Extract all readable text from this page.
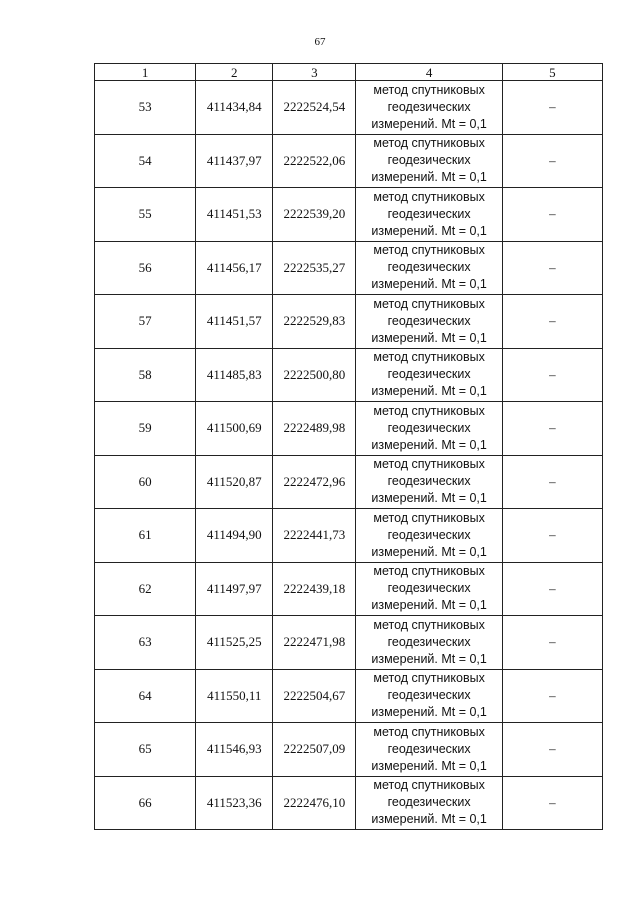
67
1	2	3	4	5
53	411434,84	2222524,54	метод спутниковых
геодезических
измерений. Mt = 0,1	–
54	411437,97	2222522,06	метод спутниковых
геодезических
измерений. Mt = 0,1	–
55	411451,53	2222539,20	метод спутниковых
геодезических
измерений. Mt = 0,1	–
56	411456,17	2222535,27	метод спутниковых
геодезических
измерений. Mt = 0,1	–
57	411451,57	2222529,83	метод спутниковых
геодезических
измерений. Mt = 0,1	–
58	411485,83	2222500,80	метод спутниковых
геодезических
измерений. Mt = 0,1	–
59	411500,69	2222489,98	метод спутниковых
геодезических
измерений. Mt = 0,1	–
60	411520,87	2222472,96	метод спутниковых
геодезических
измерений. Mt = 0,1	–
61	411494,90	2222441,73	метод спутниковых
геодезических
измерений. Mt = 0,1	–
62	411497,97	2222439,18	метод спутниковых
геодезических
измерений. Mt = 0,1	–
63	411525,25	2222471,98	метод спутниковых
геодезических
измерений. Mt = 0,1	–
64	411550,11	2222504,67	метод спутниковых
геодезических
измерений. Mt = 0,1	–
65	411546,93	2222507,09	метод спутниковых
геодезических
измерений. Mt = 0,1	–
66	411523,36	2222476,10	метод спутниковых
геодезических
измерений. Mt = 0,1	–
